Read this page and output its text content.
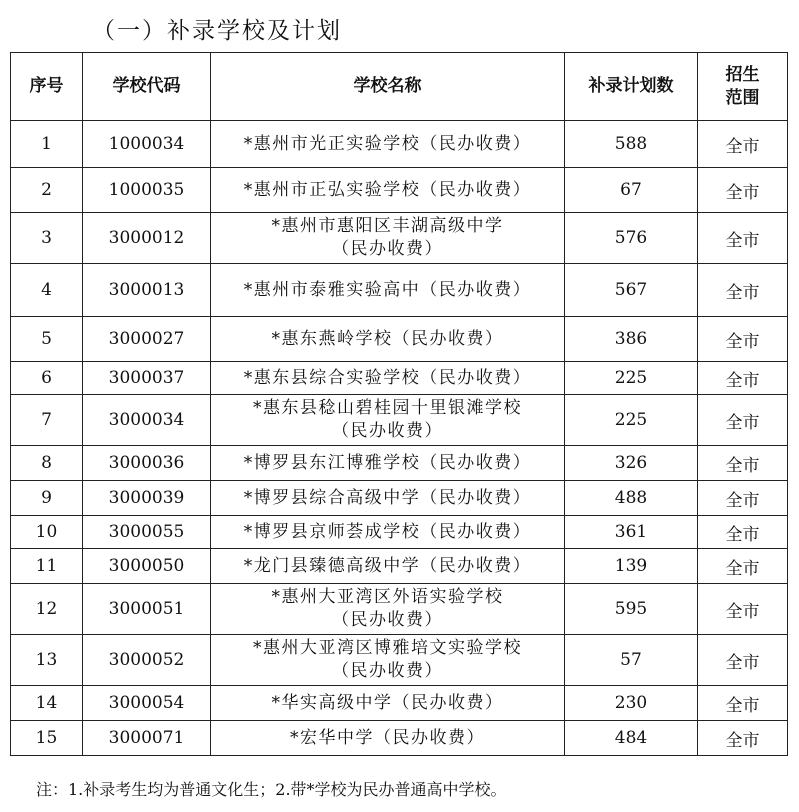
（一）补录学校及计划
序号	学校代码	学校名称	补录计划数	招生
范围

1	1000034	*惠州市光正实验学校（民办收费）	588	全市
2	1000035	*惠州市正弘实验学校（民办收费）	67	全市
3	3000012	*惠州市惠阳区丰湖高级中学
（民办收费）	576	全市
4	3000013	*惠州市泰雅实验高中（民办收费）	567	全市
5	3000027	*惠东燕岭学校（民办收费）	386	全市
6	3000037	*惠东县综合实验学校（民办收费）	225	全市
7	3000034	*惠东县稔山碧桂园十里银滩学校
（民办收费）	225	全市
8	3000036	*博罗县东江博雅学校（民办收费）	326	全市
9	3000039	*博罗县综合高级中学（民办收费）	488	全市
10	3000055	*博罗县京师荟成学校（民办收费）	361	全市
11	3000050	*龙门县臻德高级中学（民办收费）	139	全市
12	3000051	*惠州大亚湾区外语实验学校
（民办收费）	595	全市
13	3000052	*惠州大亚湾区博雅培文实验学校
（民办收费）	57	全市
14	3000054	*华实高级中学（民办收费）	230	全市
15	3000071	*宏华中学（民办收费）	484	全市
注：1.补录考生均为普通文化生；2.带*学校为民办普通高中学校。
